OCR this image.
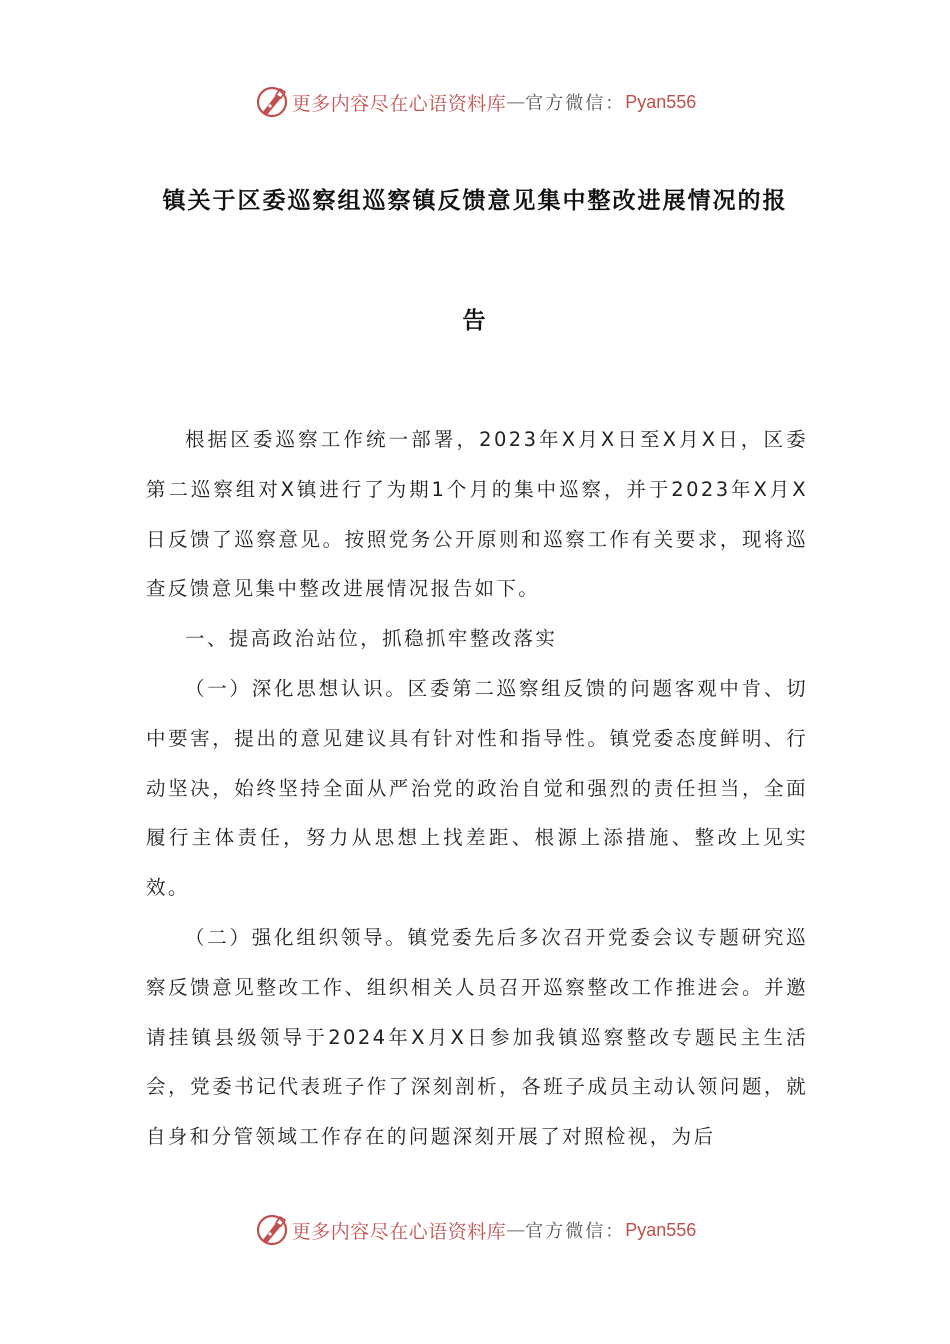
更多内容尽在心语资料库 — 官方微信： Pyan556
镇关于区委巡察组巡察镇反馈意见集中整改进展情况的报
告

根据区委巡察工作统一部署，2023年X月X日至X月X日，区委第二巡察组对X镇进行了为期1个月的集中巡察，并于2023年X月X日反馈了巡察意见。按照党务公开原则和巡察工作有关要求，现将巡查反馈意见集中整改进展情况报告如下。

一、提高政治站位，抓稳抓牢整改落实

（一）深化思想认识。区委第二巡察组反馈的问题客观中肯、切中要害，提出的意见建议具有针对性和指导性。镇党委态度鲜明、行动坚决，始终坚持全面从严治党的政治自觉和强烈的责任担当，全面履行主体责任，努力从思想上找差距、根源上添措施、整改上见实效。

（二）强化组织领导。镇党委先后多次召开党委会议专题研究巡察反馈意见整改工作、组织相关人员召开巡察整改工作推进会。并邀请挂镇县级领导于2024年X月X日参加我镇巡察整改专题民主生活会，党委书记代表班子作了深刻剖析，各班子成员主动认领问题，就自身和分管领域工作存在的问题深刻开展了对照检视，为后

更多内容尽在心语资料库 — 官方微信： Pyan556
